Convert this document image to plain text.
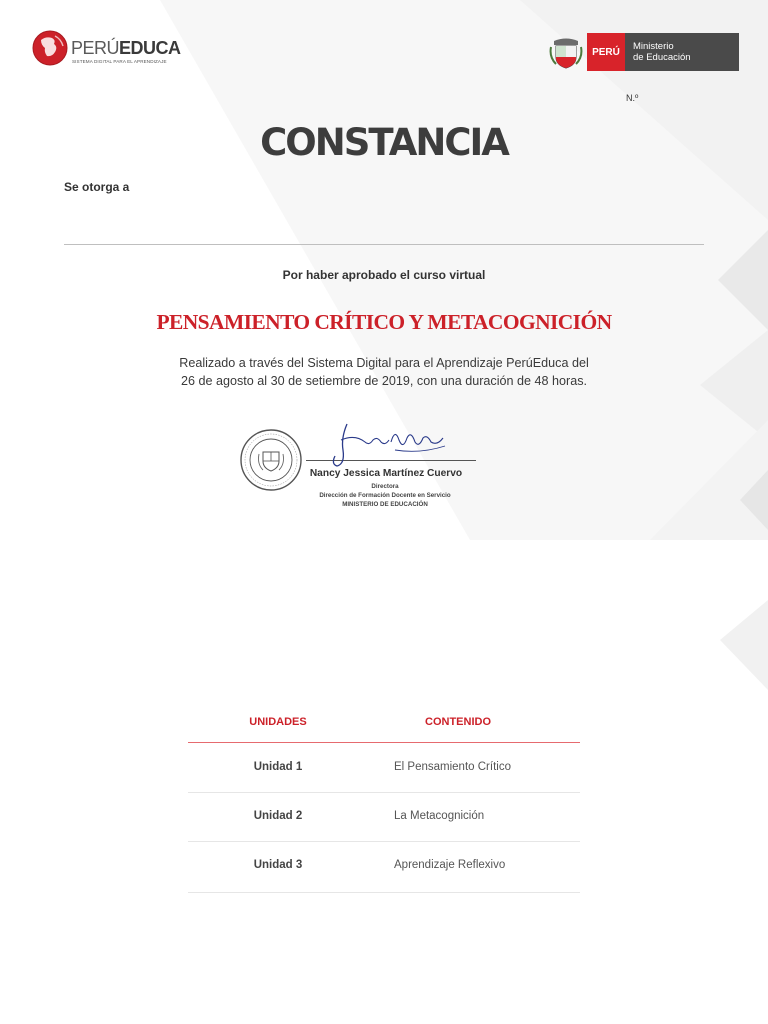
PERÚEDUCA
SISTEMA DIGITAL PARA EL APRENDIZAJE
PERÚ	Ministerio
de Educación
N.º
CONSTANCIA
Se otorga a
Por haber aprobado el curso virtual
PENSAMIENTO CRÍTICO Y METACOGNICIÓN
Realizado a través del Sistema Digital para el Aprendizaje PerúEduca del
26 de agosto al 30 de setiembre de 2019, con una duración de 48 horas.
Nancy Jessica Martínez Cuervo
Directora
Dirección de Formación Docente en Servicio
MINISTERIO DE EDUCACIÓN
UNIDADES	CONTENIDO
Unidad 1	El Pensamiento Crítico
Unidad 2	La Metacognición
Unidad 3	Aprendizaje Reflexivo
